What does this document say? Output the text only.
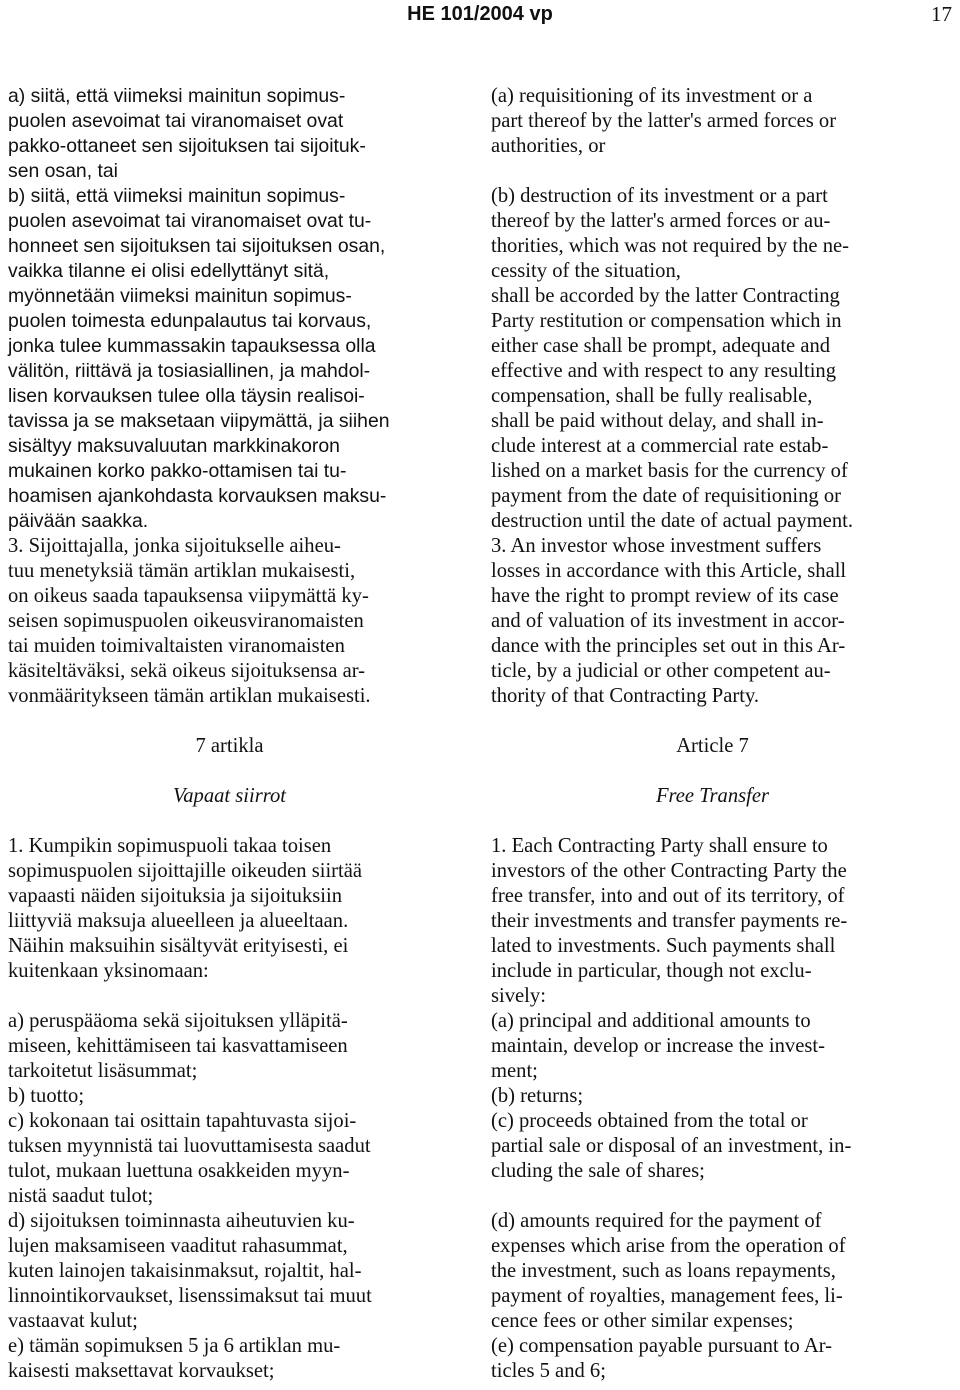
HE 101/2004 vp	17

a) siitä, että viimeksi mainitun sopimus-
puolen asevoimat tai viranomaiset ovat
pakko-ottaneet sen sijoituksen tai sijoituk-
sen osan, tai

b) siitä, että viimeksi mainitun sopimus-
puolen asevoimat tai viranomaiset ovat tu-
honneet sen sijoituksen tai sijoituksen osan,
vaikka tilanne ei olisi edellyttänyt sitä,

myönnetään viimeksi mainitun sopimus-
puolen toimesta edunpalautus tai korvaus,
jonka tulee kummassakin tapauksessa olla
välitön, riittävä ja tosiasiallinen, ja mahdol-
lisen korvauksen tulee olla täysin realisoi-
tavissa ja se maksetaan viipymättä, ja siihen
sisältyy maksuvaluutan markkinakoron
mukainen korko pakko-ottamisen tai tu-
hoamisen ajankohdasta korvauksen maksu-
päivään saakka.

3. Sijoittajalla, jonka sijoitukselle aiheu-
tuu menetyksiä tämän artiklan mukaisesti,
on oikeus saada tapauksensa viipymättä ky-
seisen sopimuspuolen oikeusviranomaisten
tai muiden toimivaltaisten viranomaisten
käsiteltäväksi, sekä oikeus sijoituksensa ar-
vonmääritykseen tämän artiklan mukaisesti.

7 artikla

Vapaat siirrot

1. Kumpikin sopimuspuoli takaa toisen
sopimuspuolen sijoittajille oikeuden siirtää
vapaasti näiden sijoituksia ja sijoituksiin
liittyviä maksuja alueelleen ja alueeltaan.
Näihin maksuihin sisältyvät erityisesti, ei
kuitenkaan yksinomaan:

a) peruspääoma sekä sijoituksen ylläpitä-
miseen, kehittämiseen tai kasvattamiseen
tarkoitetut lisäsummat;

b) tuotto;

c) kokonaan tai osittain tapahtuvasta sijoi-
tuksen myynnistä tai luovuttamisesta saadut
tulot, mukaan luettuna osakkeiden myyn-
nistä saadut tulot;

d) sijoituksen toiminnasta aiheutuvien ku-
lujen maksamiseen vaaditut rahasummat,
kuten lainojen takaisinmaksut, rojaltit, hal-
linnointikorvaukset, lisenssimaksut tai muut
vastaavat kulut;

e) tämän sopimuksen 5 ja 6 artiklan mu-
kaisesti maksettavat korvaukset;

(a) requisitioning of its investment or a
part thereof by the latter's armed forces or
authorities, or

(b) destruction of its investment or a part
thereof by the latter's armed forces or au-
thorities, which was not required by the ne-
cessity of the situation,

shall be accorded by the latter Contracting
Party restitution or compensation which in
either case shall be prompt, adequate and
effective and with respect to any resulting
compensation, shall be fully realisable,
shall be paid without delay, and shall in-
clude interest at a commercial rate estab-
lished on a market basis for the currency of
payment from the date of requisitioning or
destruction until the date of actual payment.

3. An investor whose investment suffers
losses in accordance with this Article, shall
have the right to prompt review of its case
and of valuation of its investment in accor-
dance with the principles set out in this Ar-
ticle, by a judicial or other competent au-
thority of that Contracting Party.

Article 7

Free Transfer

1. Each Contracting Party shall ensure to
investors of the other Contracting Party the
free transfer, into and out of its territory, of
their investments and transfer payments re-
lated to investments. Such payments shall
include in particular, though not exclu-
sively:

(a) principal and additional amounts to
maintain, develop or increase the invest-
ment;

(b) returns;

(c) proceeds obtained from the total or
partial sale or disposal of an investment, in-
cluding the sale of shares;

(d) amounts required for the payment of
expenses which arise from the operation of
the investment, such as loans repayments,
payment of royalties, management fees, li-
cence fees or other similar expenses;

(e) compensation payable pursuant to Ar-
ticles 5 and 6;
